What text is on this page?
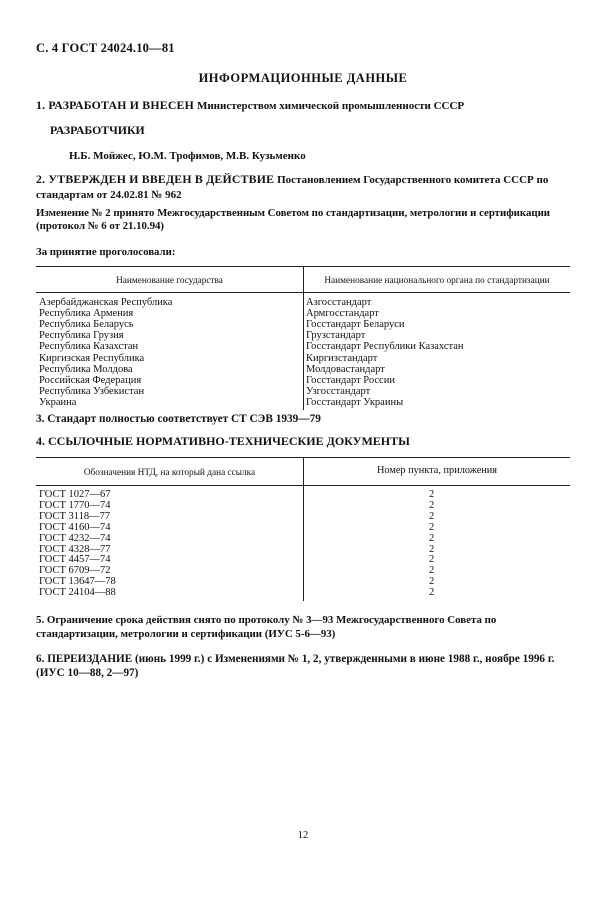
С. 4 ГОСТ 24024.10—81
ИНФОРМАЦИОННЫЕ ДАННЫЕ
1. РАЗРАБОТАН И ВНЕСЕН Министерством химической промышленности СССР
РАЗРАБОТЧИКИ
Н.Б. Мойжес, Ю.М. Трофимов, М.В. Кузьменко
2. УТВЕРЖДЕН И ВВЕДЕН В ДЕЙСТВИЕ Постановлением Государственного комитета СССР по стандартам от 24.02.81 № 962
Изменение № 2 принято Межгосударственным Советом по стандартизации, метрологии и сертификации (протокол № 6 от 21.10.94)
За принятие проголосовали:
Наименование государства	Наименование национального органа по стандартизации
Азербайджанская Республика	Азгосстандарт
Республика Армения	Армгосстандарт
Республика Беларусь	Госстандарт Беларуси
Республика Грузия	Грузстандарт
Республика Казахстан	Госстандарт Республики Казахстан
Киргизская Республика	Киргизстандарт
Республика Молдова	Молдовастандарт
Российская Федерация	Госстандарт России
Республика Узбекистан	Узгосстандарт
Украина	Госстандарт Украины
3. Стандарт полностью соответствует СТ СЭВ 1939—79
4. ССЫЛОЧНЫЕ НОРМАТИВНО-ТЕХНИЧЕСКИЕ ДОКУМЕНТЫ
Обозначения НТД, на который дана ссылка	Номер пункта, приложения
ГОСТ 1027—67	2
ГОСТ 1770—74	2
ГОСТ 3118—77	2
ГОСТ 4160—74	2
ГОСТ 4232—74	2
ГОСТ 4328—77	2
ГОСТ 4457—74	2
ГОСТ 6709—72	2
ГОСТ 13647—78	2
ГОСТ 24104—88	2
5. Ограничение срока действия снято по протоколу № 3—93 Межгосударственного Совета по стандартизации, метрологии и сертификации (ИУС 5-6—93)
6. ПЕРЕИЗДАНИЕ (июнь 1999 г.) с Изменениями № 1, 2, утвержденными в июне 1988 г., ноябре 1996 г. (ИУС 10—88, 2—97)
12
